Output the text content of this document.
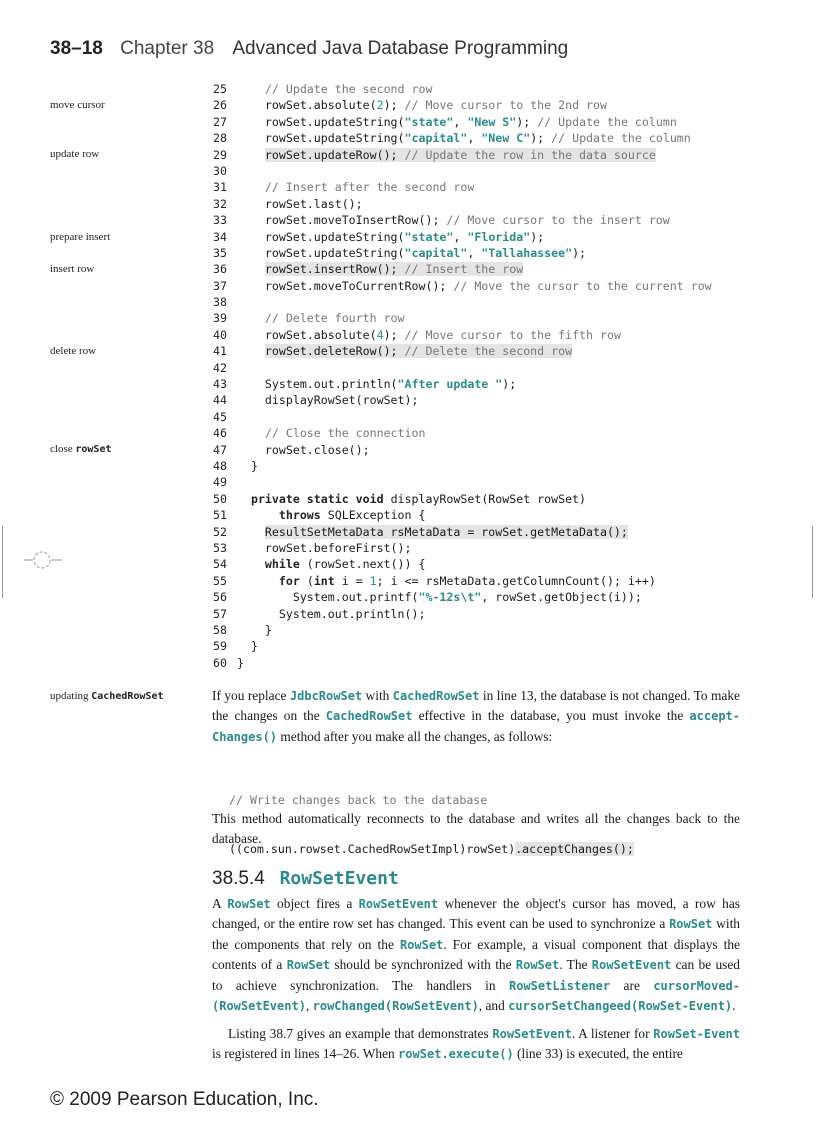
38–18 Chapter 38 Advanced Java Database Programming
move cursor
update row
prepare insert
insert row
delete row
close rowSet
updating CachedRowSet
25	// Update the second row
26 rowSet.absolute(2); // Move cursor to the 2nd row
27 rowSet.updateString("state", "New S"); // Update the column
28 rowSet.updateString("capital", "New C"); // Update the column
29	rowSet.updateRow(); // Update the row in the data source
30
31	// Insert after the second row
32 rowSet.last();
33 rowSet.moveToInsertRow(); // Move cursor to the insert row
34 rowSet.updateString("state", "Florida");
35 rowSet.updateString("capital", "Tallahassee");
36	rowSet.insertRow(); // Insert the row
37 rowSet.moveToCurrentRow(); // Move the cursor to the current row
38
39	// Delete fourth row
40 rowSet.absolute(4); // Move cursor to the fifth row
41	rowSet.deleteRow(); // Delete the second row
42
43 System.out.println("After update ");
44 displayRowSet(rowSet);
45
46	// Close the connection
47 rowSet.close();
48 }
49
50	private static void displayRowSet(RowSet rowSet)
51	throws SQLException {
52	ResultSetMetaData rsMetaData = rowSet.getMetaData();
53 rowSet.beforeFirst();
54	while (rowSet.next()) {
55	for (int i = 1; i <= rsMetaData.getColumnCount(); i++)
56 System.out.printf("%-12s\t", rowSet.getObject(i));
57 System.out.println();
58 }
59 }
60 }
If you replace JdbcRowSet with CachedRowSet in line 13, the database is not changed. To make the changes on the CachedRowSet effective in the database, you must invoke the accept-Changes() method after you make all the changes, as follows:

// Write changes back to the database

((com.sun.rowset.CachedRowSetImpl)rowSet).acceptChanges();

This method automatically reconnects to the database and writes all the changes back to the database.
38.5.4 RowSetEvent
A RowSet object fires a RowSetEvent whenever the object's cursor has moved, a row has changed, or the entire row set has changed. This event can be used to synchronize a RowSet with the components that rely on the RowSet. For example, a visual component that displays the contents of a RowSet should be synchronized with the RowSet. The RowSetEvent can be used to achieve synchronization. The handlers in RowSetListener are cursorMoved-(RowSetEvent), rowChanged(RowSetEvent), and cursorSetChangeed(RowSet-Event).
Listing 38.7 gives an example that demonstrates RowSetEvent. A listener for RowSet-Event is registered in lines 14–26. When rowSet.execute() (line 33) is executed, the entire
© 2009 Pearson Education, Inc.
